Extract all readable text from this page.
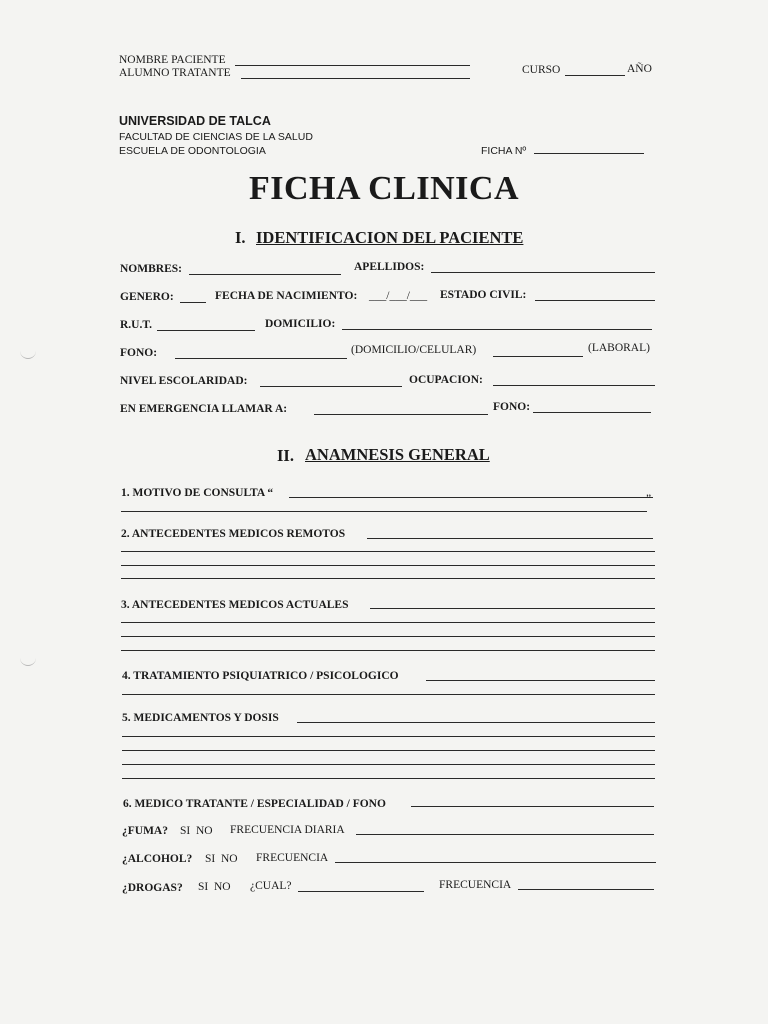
NOMBRE PACIENTE
ALUMNO TRATANTE	CURSO	AÑO
UNIVERSIDAD DE TALCA
FACULTAD DE CIENCIAS DE LA SALUD
ESCUELA DE ODONTOLOGIA	FICHA Nº
FICHA CLINICA
I. IDENTIFICACION DEL PACIENTE
NOMBRES:	APELLIDOS:
GENERO:	FECHA DE NACIMIENTO: ___/___/___ ESTADO CIVIL:
R.U.T.	DOMICILIO:
FONO:	(DOMICILIO/CELULAR)	(LABORAL)
NIVEL ESCOLARIDAD:	OCUPACION:
EN EMERGENCIA LLAMAR A:	FONO:
II. ANAMNESIS GENERAL
1. MOTIVO DE CONSULTA “	”
2. ANTECEDENTES MEDICOS REMOTOS
3. ANTECEDENTES MEDICOS ACTUALES
4. TRATAMIENTO PSIQUIATRICO / PSICOLOGICO
5. MEDICAMENTOS Y DOSIS
6. MEDICO TRATANTE / ESPECIALIDAD / FONO
¿FUMA? SI  NO FRECUENCIA DIARIA
¿ALCOHOL? SI  NO FRECUENCIA
¿DROGAS? SI  NO ¿CUAL?	FRECUENCIA
